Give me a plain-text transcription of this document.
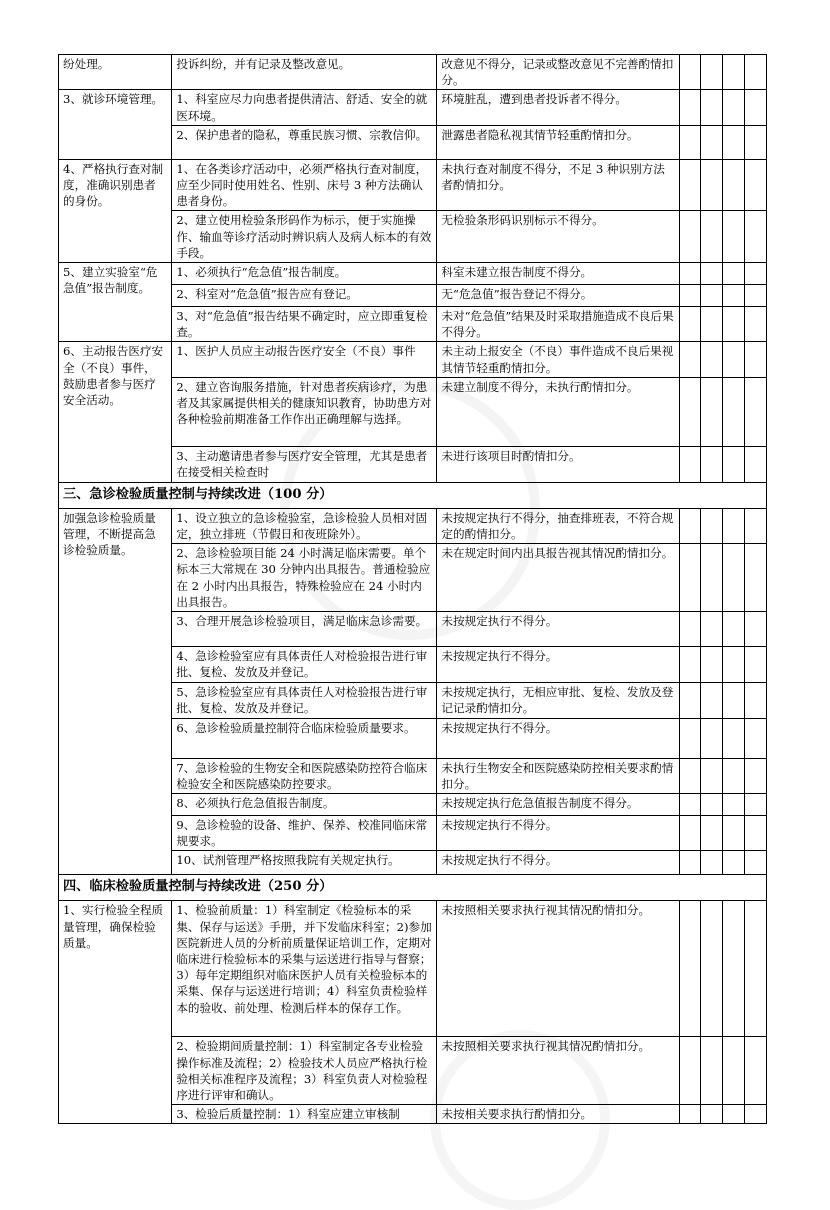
纷处理。	投诉纠纷，并有记录及整改意见。	改意见不得分，记录或整改意见不完善酌情扣分。				
3、就诊环境管理。	1、科室应尽力向患者提供清洁、舒适、安全的就医环境。	环境脏乱，遭到患者投诉者不得分。				
	2、保护患者的隐私，尊重民族习惯、宗教信仰。	泄露患者隐私视其情节轻重酌情扣分。				
4、严格执行查对制度，准确识别患者的身份。	1、在各类诊疗活动中，必须严格执行查对制度，应至少同时使用姓名、性别、床号 3 种方法确认患者身份。	未执行查对制度不得分，不足 3 种识别方法者酌情扣分。				
	2、建立使用检验条形码作为标示，便于实施操作、输血等诊疗活动时辨识病人及病人标本的有效手段。	无检验条形码识别标示不得分。				
5、建立实验室“危急值”报告制度。	1、必须执行“危急值”报告制度。	科室未建立报告制度不得分。				
	2、科室对“危急值”报告应有登记。	无“危急值”报告登记不得分。				
	3、对“危急值”报告结果不确定时，应立即重复检查。	未对“危急值”结果及时采取措施造成不良后果不得分。				
6、主动报告医疗安全（不良）事件，鼓励患者参与医疗安全活动。	1、医护人员应主动报告医疗安全（不良）事件	未主动上报安全（不良）事件造成不良后果视其情节轻重酌情扣分。				
	2、建立咨询服务措施，针对患者疾病诊疗，为患者及其家属提供相关的健康知识教育，协助患方对各种检验前期准备工作作出正确理解与选择。	未建立制度不得分，未执行酌情扣分。				
	3、主动邀请患者参与医疗安全管理，尤其是患者在接受相关检查时	未进行该项目时酌情扣分。				
三、急诊检验质量控制与持续改进（100 分）						
加强急诊检验质量管理，不断提高急诊检验质量。	1、设立独立的急诊检验室，急诊检验人员相对固定，独立排班（节假日和夜班除外）。	未按规定执行不得分，抽查排班表，不符合规定的酌情扣分。				
	2、急诊检验项目能 24 小时满足临床需要。单个标本三大常规在 30 分钟内出具报告。普通检验应在 2 小时内出具报告，特殊检验应在 24 小时内出具报告。	未在规定时间内出具报告视其情况酌情扣分。				
	3、合理开展急诊检验项目，满足临床急诊需要。	未按规定执行不得分。				
	4、急诊检验室应有具体责任人对检验报告进行审批、复检、发放及并登记。	未按规定执行不得分。				
	5、急诊检验室应有具体责任人对检验报告进行审批、复检、发放及并登记。	未按规定执行，无相应审批、复检、发放及登记记录酌情扣分。				
	6、急诊检验质量控制符合临床检验质量要求。	未按规定执行不得分。				
	7、急诊检验的生物安全和医院感染防控符合临床检验安全和医院感染防控要求。	未执行生物安全和医院感染防控相关要求酌情扣分。				
	8、必须执行危急值报告制度。	未按规定执行危急值报告制度不得分。				
	9、急诊检验的设备、维护、保养、校准同临床常规要求。	未按规定执行不得分。				
	10、试剂管理严格按照我院有关规定执行。	未按规定执行不得分。				
四、临床检验质量控制与持续改进（250 分）						
1、实行检验全程质量管理，确保检验质量。	1、检验前质量：1）科室制定《检验标本的采集、保存与运送》手册，并下发临床科室；2)参加医院新进人员的分析前质量保证培训工作，定期对临床进行检验标本的采集与运送进行指导与督察；3）每年定期组织对临床医护人员有关检验标本的采集、保存与运送进行培训；4）科室负责检验样本的验收、前处理、检测后样本的保存工作。	未按照相关要求执行视其情况酌情扣分。				
	2、检验期间质量控制：1）科室制定各专业检验操作标准及流程；2）检验技术人员应严格执行检验相关标准程序及流程；3）科室负责人对检验程序进行评审和确认。	未按照相关要求执行视其情况酌情扣分。				
	3、检验后质量控制：1）科室应建立审核制	未按相关要求执行酌情扣分。				
